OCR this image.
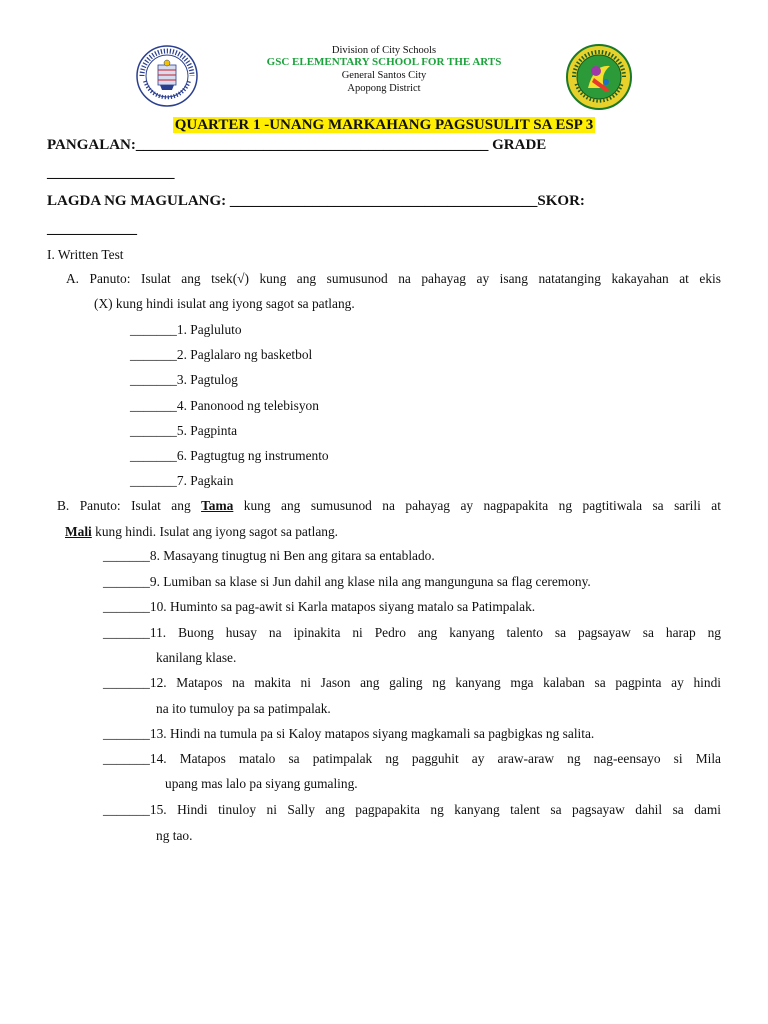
Division of City Schools
GSC ELEMENTARY SCHOOL FOR THE ARTS
General Santos City
Apopong District
QUARTER 1 -UNANG MARKAHANG PAGSUSULIT SA ESP 3
PANGALAN:_______________________________________________ GRADE
_________________
LAGDA NG MAGULANG: _________________________________________SKOR:
____________
I. Written Test
A. Panuto: Isulat ang tsek(√) kung ang sumusunod na pahayag ay isang natatanging kakayahan at ekis
(X) kung hindi isulat ang iyong sagot sa patlang.
_______1. Pagluluto
_______2. Paglalaro ng basketbol
_______3. Pagtulog
_______4. Panonood ng telebisyon
_______5. Pagpinta
_______6. Pagtugtug ng instrumento
_______7. Pagkain
B. Panuto: Isulat ang Tama kung ang sumusunod na pahayag ay nagpapakita ng pagtitiwala sa sarili at
Mali kung hindi. Isulat ang iyong sagot sa patlang.
_______8. Masayang tinugtug ni Ben ang gitara sa entablado.
_______9. Lumiban sa klase si Jun dahil ang klase nila ang mangunguna sa flag ceremony.
_______10. Huminto sa pag-awit si Karla matapos siyang matalo sa Patimpalak.
_______11. Buong husay na ipinakita ni Pedro ang kanyang talento sa pagsayaw sa harap ng
kanilang klase.
_______12. Matapos na makita ni Jason ang galing ng kanyang mga kalaban sa pagpinta ay hindi
na ito tumuloy pa sa patimpalak.
_______13. Hindi na tumula pa si Kaloy matapos siyang magkamali sa pagbigkas ng salita.
_______14. Matapos matalo sa patimpalak ng pagguhit ay araw-araw ng nag-eensayo si Mila
upang mas lalo pa siyang gumaling.
_______15. Hindi tinuloy ni Sally ang pagpapakita ng kanyang talent sa pagsayaw dahil sa dami
ng tao.
